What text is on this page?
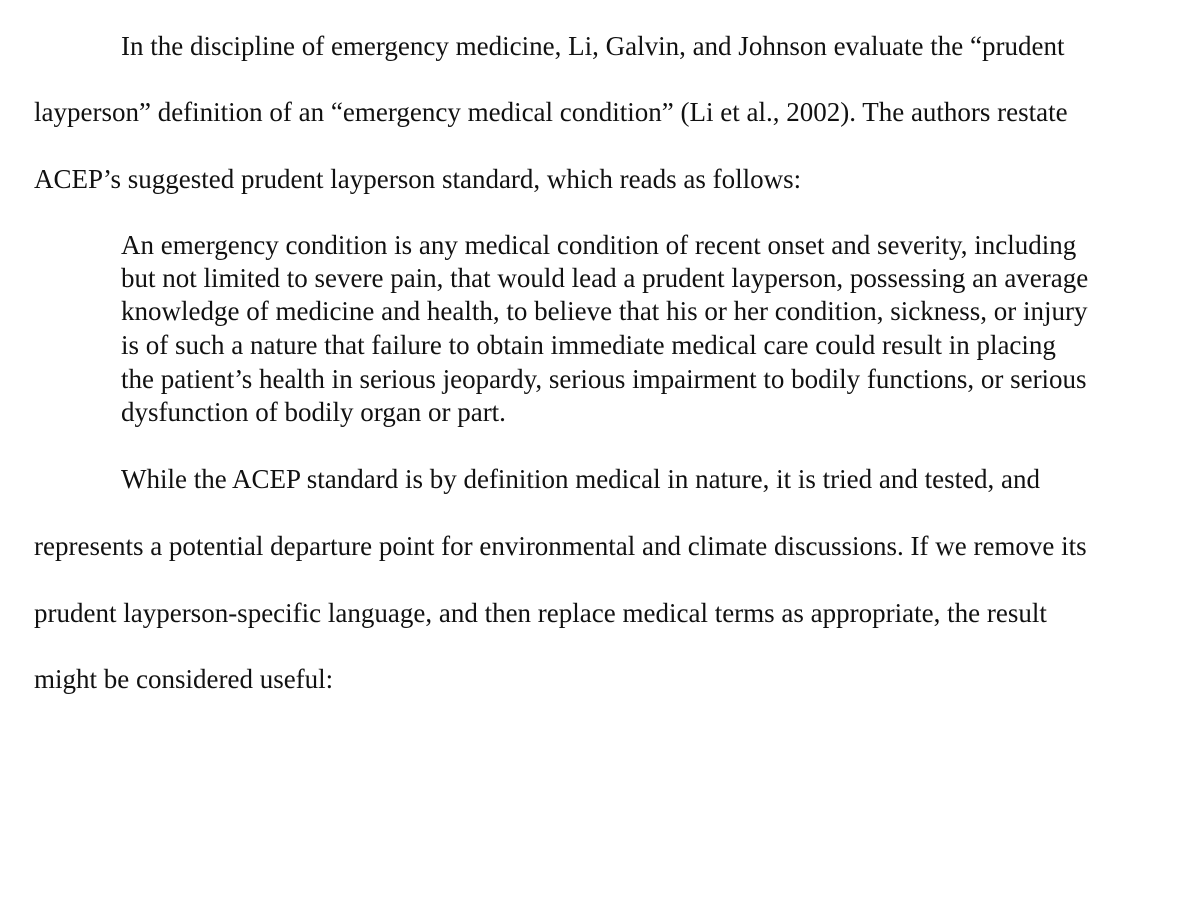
In the discipline of emergency medicine, Li, Galvin, and Johnson evaluate the “prudent
layperson” definition of an “emergency medical condition” (Li et al., 2002). The authors restate
ACEP’s suggested prudent layperson standard, which reads as follows:
An emergency condition is any medical condition of recent onset and severity, including
but not limited to severe pain, that would lead a prudent layperson, possessing an average
knowledge of medicine and health, to believe that his or her condition, sickness, or injury
is of such a nature that failure to obtain immediate medical care could result in placing
the patient’s health in serious jeopardy, serious impairment to bodily functions, or serious
dysfunction of bodily organ or part.
While the ACEP standard is by definition medical in nature, it is tried and tested, and
represents a potential departure point for environmental and climate discussions. If we remove its
prudent layperson-specific language, and then replace medical terms as appropriate, the result
might be considered useful:
